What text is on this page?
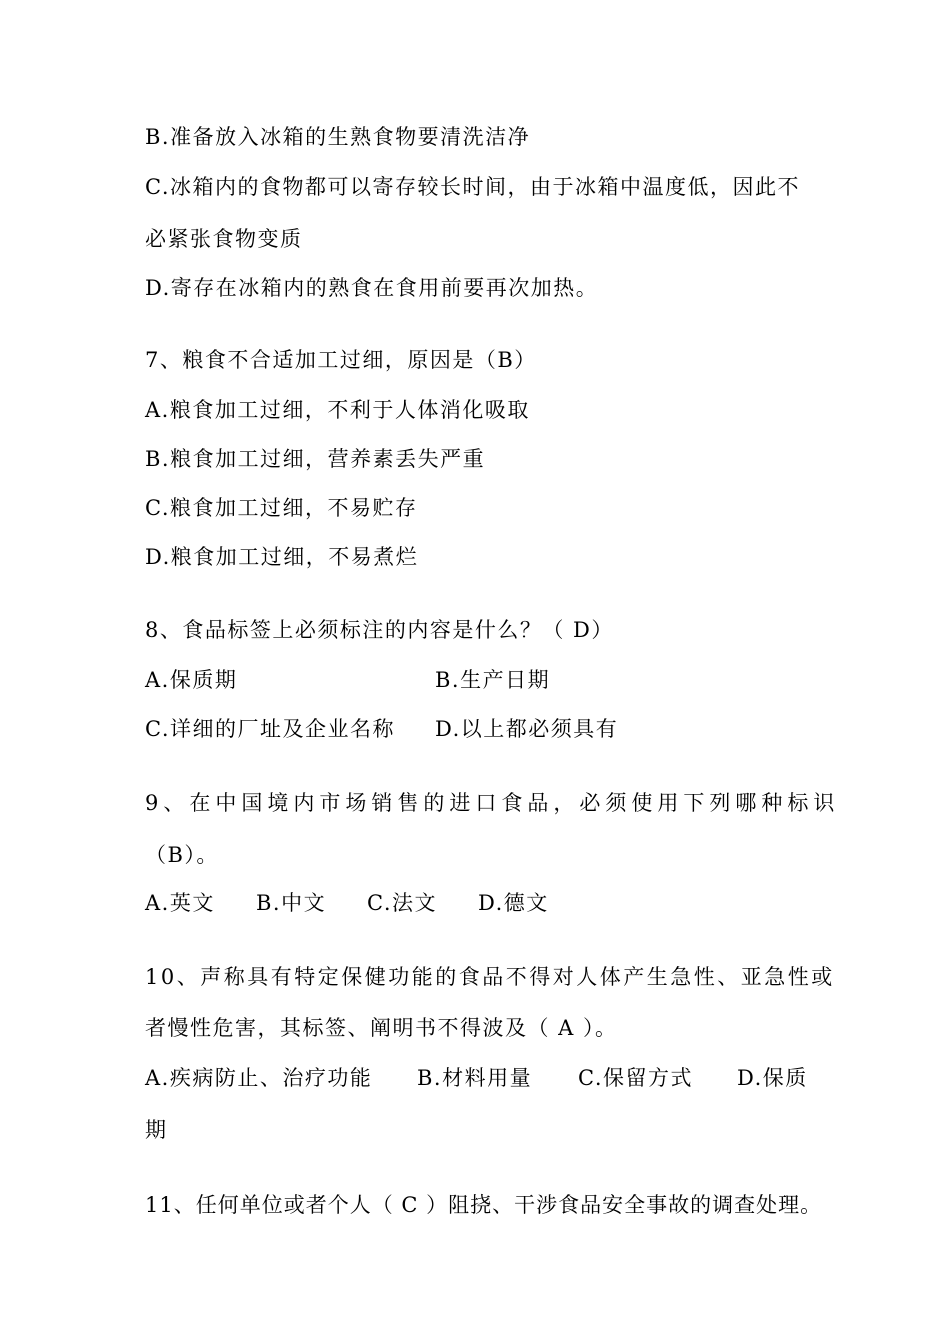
B.准备放入冰箱的生熟食物要清洗洁净
C.冰箱内的食物都可以寄存较长时间，由于冰箱中温度低，因此不
必紧张食物变质
D.寄存在冰箱内的熟食在食用前要再次加热。
7、粮食不合适加工过细，原因是（B）
A.粮食加工过细，不利于人体消化吸取
B.粮食加工过细，营养素丢失严重
C.粮食加工过细，不易贮存
D.粮食加工过细，不易煮烂
8、食品标签上必须标注的内容是什么？（ D）
A.保质期	B.生产日期
C.详细的厂址及企业名称 D.以上都必须具有
9、在中国境内市场销售的进口食品，必须使用下列哪种标识
（B）。
A.英文 B.中文 C.法文 D.德文
10、声称具有特定保健功能的食品不得对人体产生急性、亚急性或
者慢性危害，其标签、阐明书不得波及（ A ）。
A.疾病防止、治疗功能 B.材料用量 C.保留方式 D.保质
期
11、任何单位或者个人（ C ）阻挠、干涉食品安全事故的调查处理。
